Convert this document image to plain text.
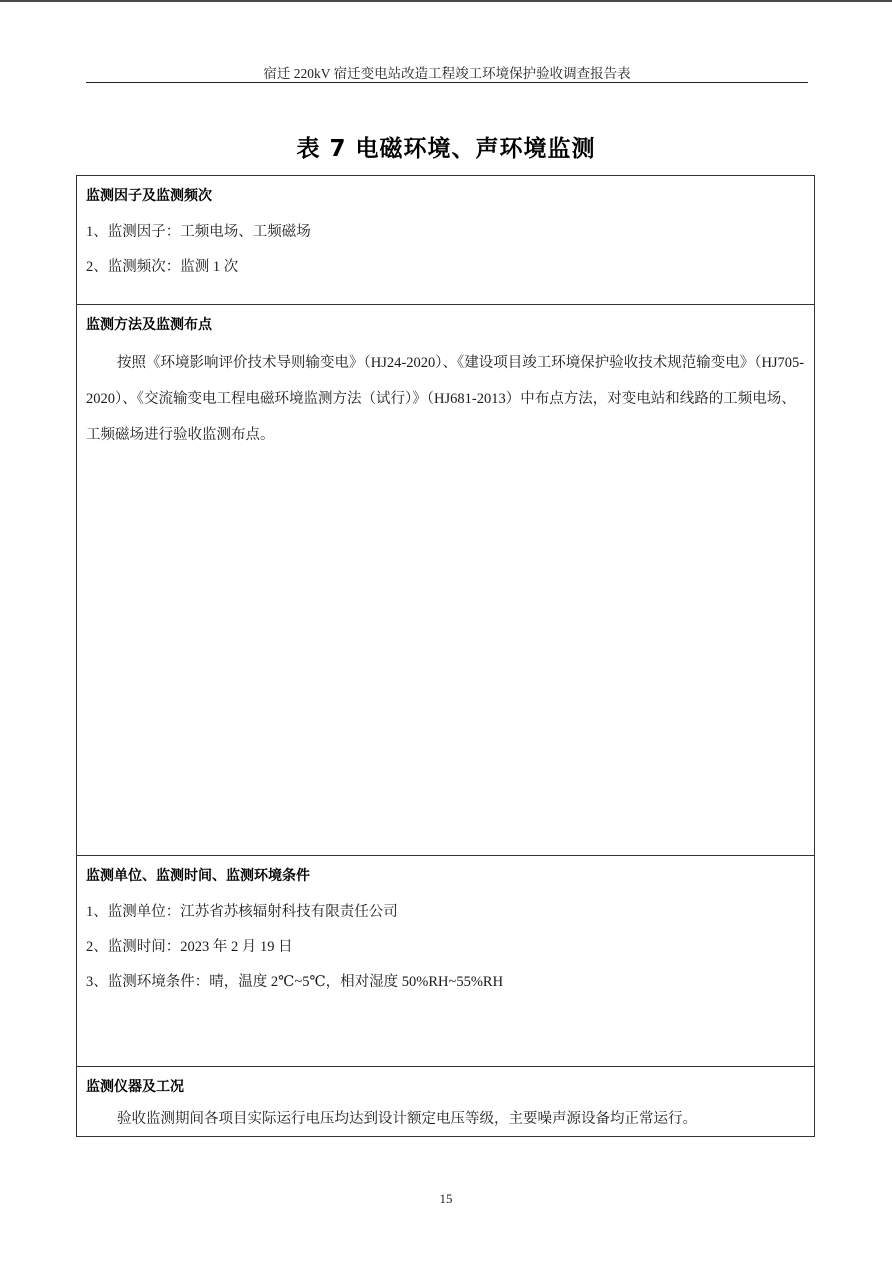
宿迁 220kV 宿迁变电站改造工程竣工环境保护验收调查报告表
表 7 电磁环境、声环境监测
监测因子及监测频次
1、监测因子：工频电场、工频磁场
2、监测频次：监测 1 次
监测方法及监测布点
按照《环境影响评价技术导则输变电》（HJ24-2020）、《建设项目竣工环境保护验收技术规范输变电》（HJ705-2020）、《交流输变电工程电磁环境监测方法（试行）》（HJ681-2013）中布点方法，对变电站和线路的工频电场、工频磁场进行验收监测布点。
监测单位、监测时间、监测环境条件
1、监测单位：江苏省苏核辐射科技有限责任公司
2、监测时间：2023 年 2 月 19 日
3、监测环境条件：晴，温度 2℃~5℃，相对湿度 50%RH~55%RH
监测仪器及工况
验收监测期间各项目实际运行电压均达到设计额定电压等级，主要噪声源设备均正常运行。
15
